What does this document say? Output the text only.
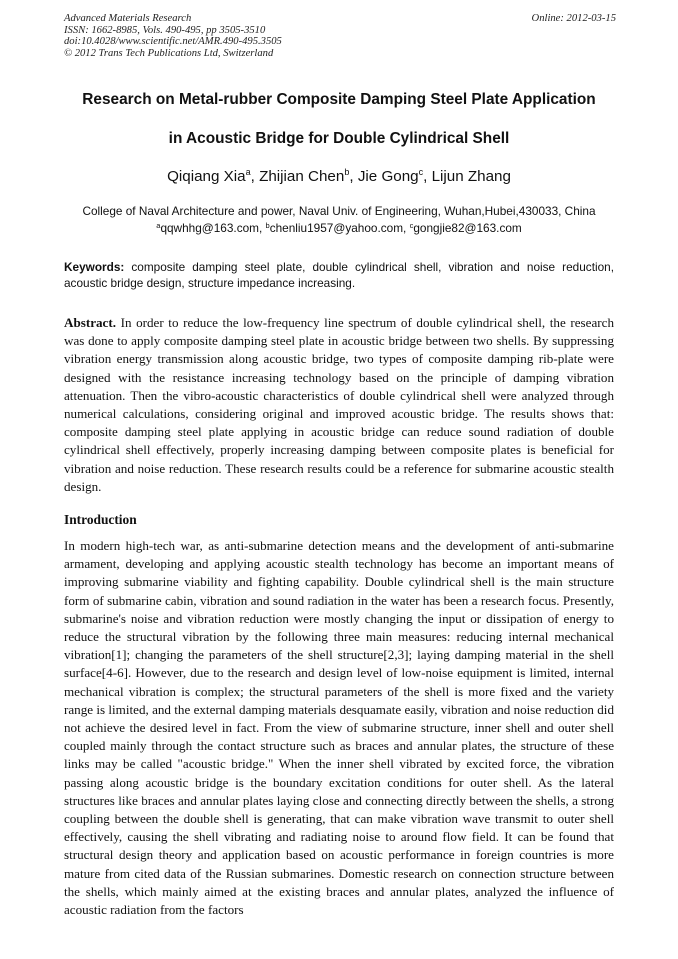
Advanced Materials Research
ISSN: 1662-8985, Vols. 490-495, pp 3505-3510
doi:10.4028/www.scientific.net/AMR.490-495.3505
© 2012 Trans Tech Publications Ltd, Switzerland
Online: 2012-03-15
Research on Metal-rubber Composite Damping Steel Plate Application
in Acoustic Bridge for Double Cylindrical Shell
Qiqiang Xia$^a$, Zhijian Chen$^b$, Jie Gong$^c$, Lijun Zhang
College of Naval Architecture and power, Naval Univ. of Engineering, Wuhan,Hubei,430033, China
$^a$qqwhhg@163.com, $^b$chenliu1957@yahoo.com, $^c$gongjie82@163.com
Keywords: composite damping steel plate, double cylindrical shell, vibration and noise reduction, acoustic bridge design, structure impedance increasing.
Abstract. In order to reduce the low-frequency line spectrum of double cylindrical shell, the research was done to apply composite damping steel plate in acoustic bridge between two shells. By suppressing vibration energy transmission along acoustic bridge, two types of composite damping rib-plate were designed with the resistance increasing technology based on the principle of damping vibration attenuation. Then the vibro-acoustic characteristics of double cylindrical shell were analyzed through numerical calculations, considering original and improved acoustic bridge. The results shows that: composite damping steel plate applying in acoustic bridge can reduce sound radiation of double cylindrical shell effectively, properly increasing damping between composite plates is beneficial for vibration and noise reduction. These research results could be a reference for submarine acoustic stealth design.
Introduction
In modern high-tech war, as anti-submarine detection means and the development of anti-submarine armament, developing and applying acoustic stealth technology has become an important means of improving submarine viability and fighting capability. Double cylindrical shell is the main structure form of submarine cabin, vibration and sound radiation in the water has been a research focus. Presently, submarine's noise and vibration reduction were mostly changing the input or dissipation of energy to reduce the structural vibration by the following three main measures: reducing internal mechanical vibration[1]; changing the parameters of the shell structure[2,3]; laying damping material in the shell surface[4-6]. However, due to the research and design level of low-noise equipment is limited, internal mechanical vibration is complex; the structural parameters of the shell is more fixed and the variety range is limited, and the external damping materials desquamate easily, vibration and noise reduction did not achieve the desired level in fact. From the view of submarine structure, inner shell and outer shell coupled mainly through the contact structure such as braces and annular plates, the structure of these links may be called "acoustic bridge." When the inner shell vibrated by excited force, the vibration passing along acoustic bridge is the boundary excitation conditions for outer shell. As the lateral structures like braces and annular plates laying close and connecting directly between the shells, a strong coupling between the double shell is generating, that can make vibration wave transmit to outer shell effectively, causing the shell vibrating and radiating noise to around flow field. It can be found that structural design theory and application based on acoustic performance in foreign countries is more mature from cited data of the Russian submarines. Domestic research on connection structure between the shells, which mainly aimed at the existing braces and annular plates, analyzed the influence of acoustic radiation from the factors
